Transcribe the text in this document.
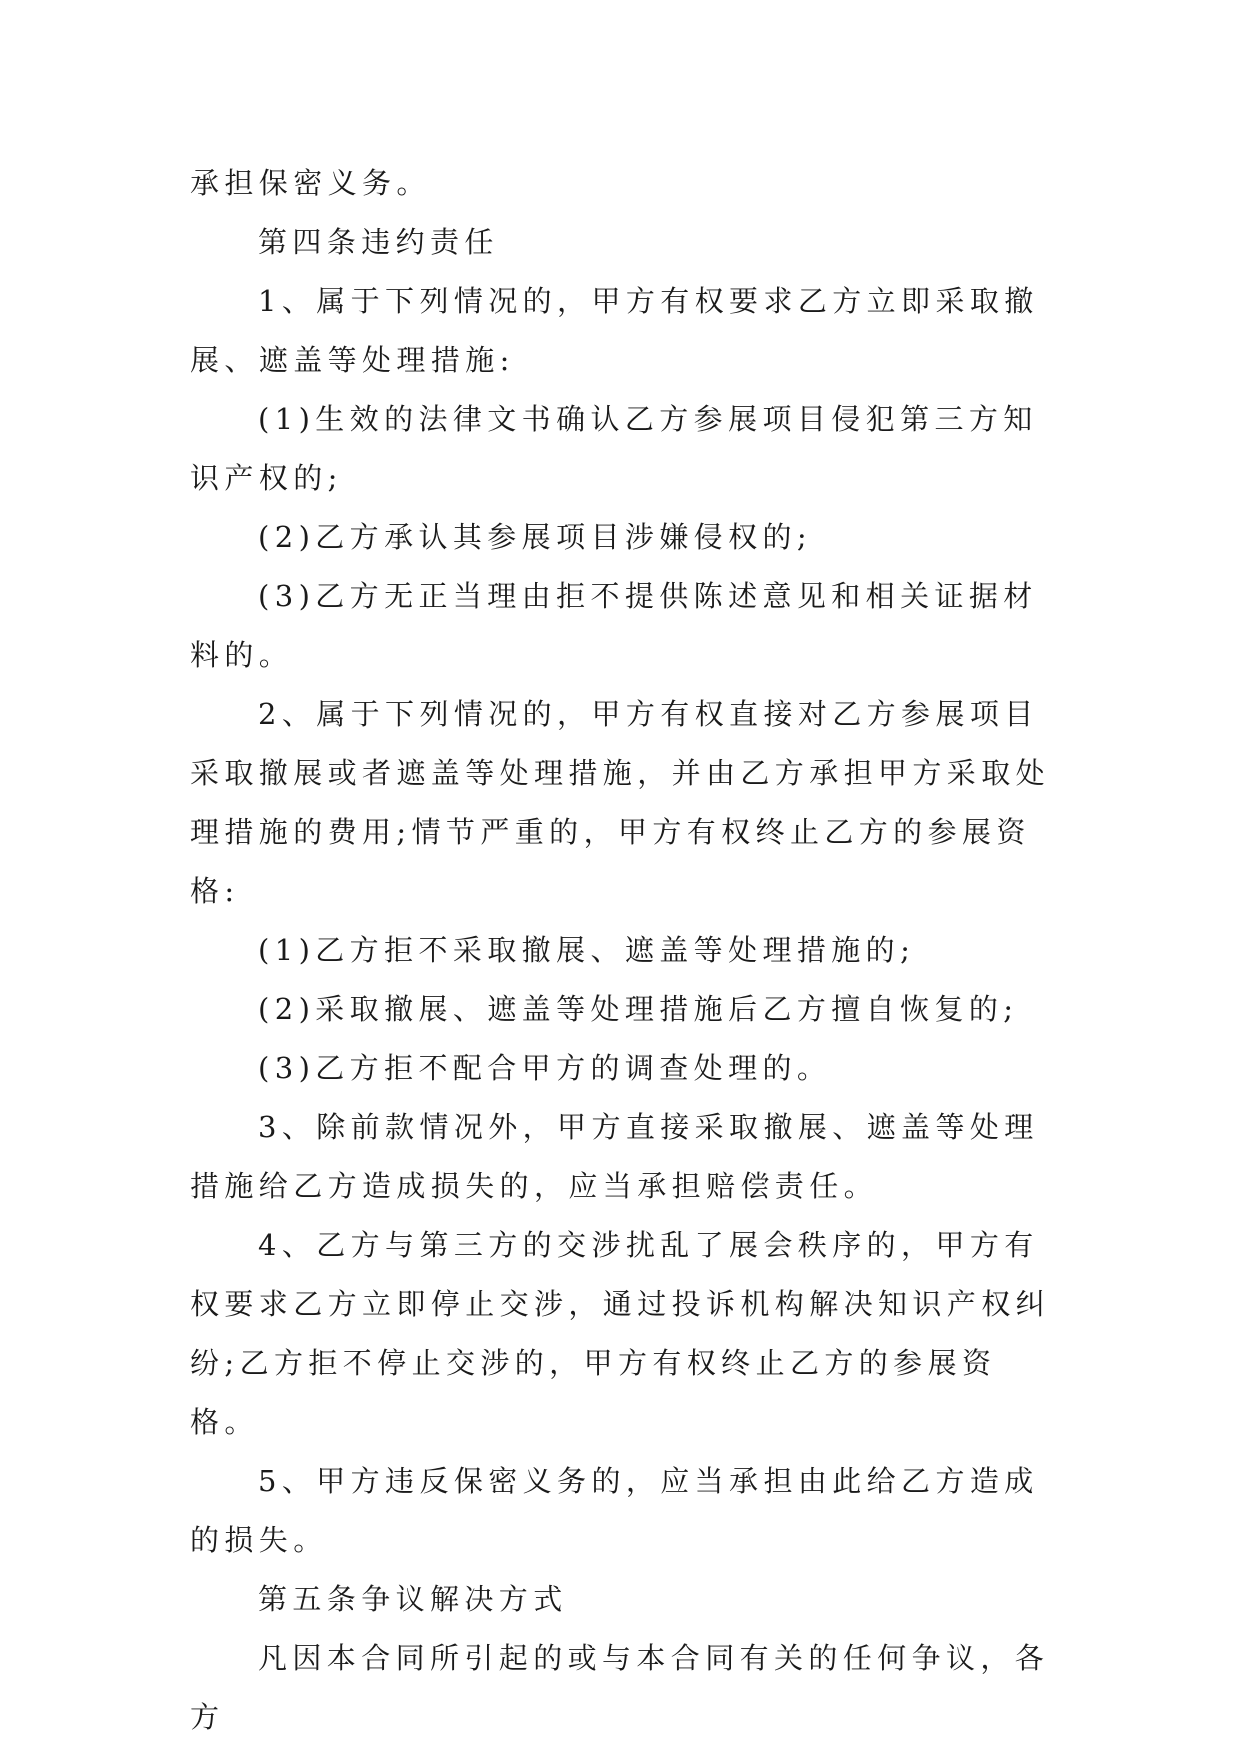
承担保密义务。

第四条违约责任

1、属于下列情况的，甲方有权要求乙方立即采取撤展、遮盖等处理措施:

(1)生效的法律文书确认乙方参展项目侵犯第三方知识产权的;

(2)乙方承认其参展项目涉嫌侵权的;

(3)乙方无正当理由拒不提供陈述意见和相关证据材料的。

2、属于下列情况的，甲方有权直接对乙方参展项目采取撤展或者遮盖等处理措施，并由乙方承担甲方采取处理措施的费用;情节严重的，甲方有权终止乙方的参展资格:

(1)乙方拒不采取撤展、遮盖等处理措施的;

(2)采取撤展、遮盖等处理措施后乙方擅自恢复的;

(3)乙方拒不配合甲方的调查处理的。

3、除前款情况外，甲方直接采取撤展、遮盖等处理措施给乙方造成损失的，应当承担赔偿责任。

4、乙方与第三方的交涉扰乱了展会秩序的，甲方有权要求乙方立即停止交涉，通过投诉机构解决知识产权纠纷;乙方拒不停止交涉的，甲方有权终止乙方的参展资格。

5、甲方违反保密义务的，应当承担由此给乙方造成的损失。

第五条争议解决方式

凡因本合同所引起的或与本合同有关的任何争议，各方
